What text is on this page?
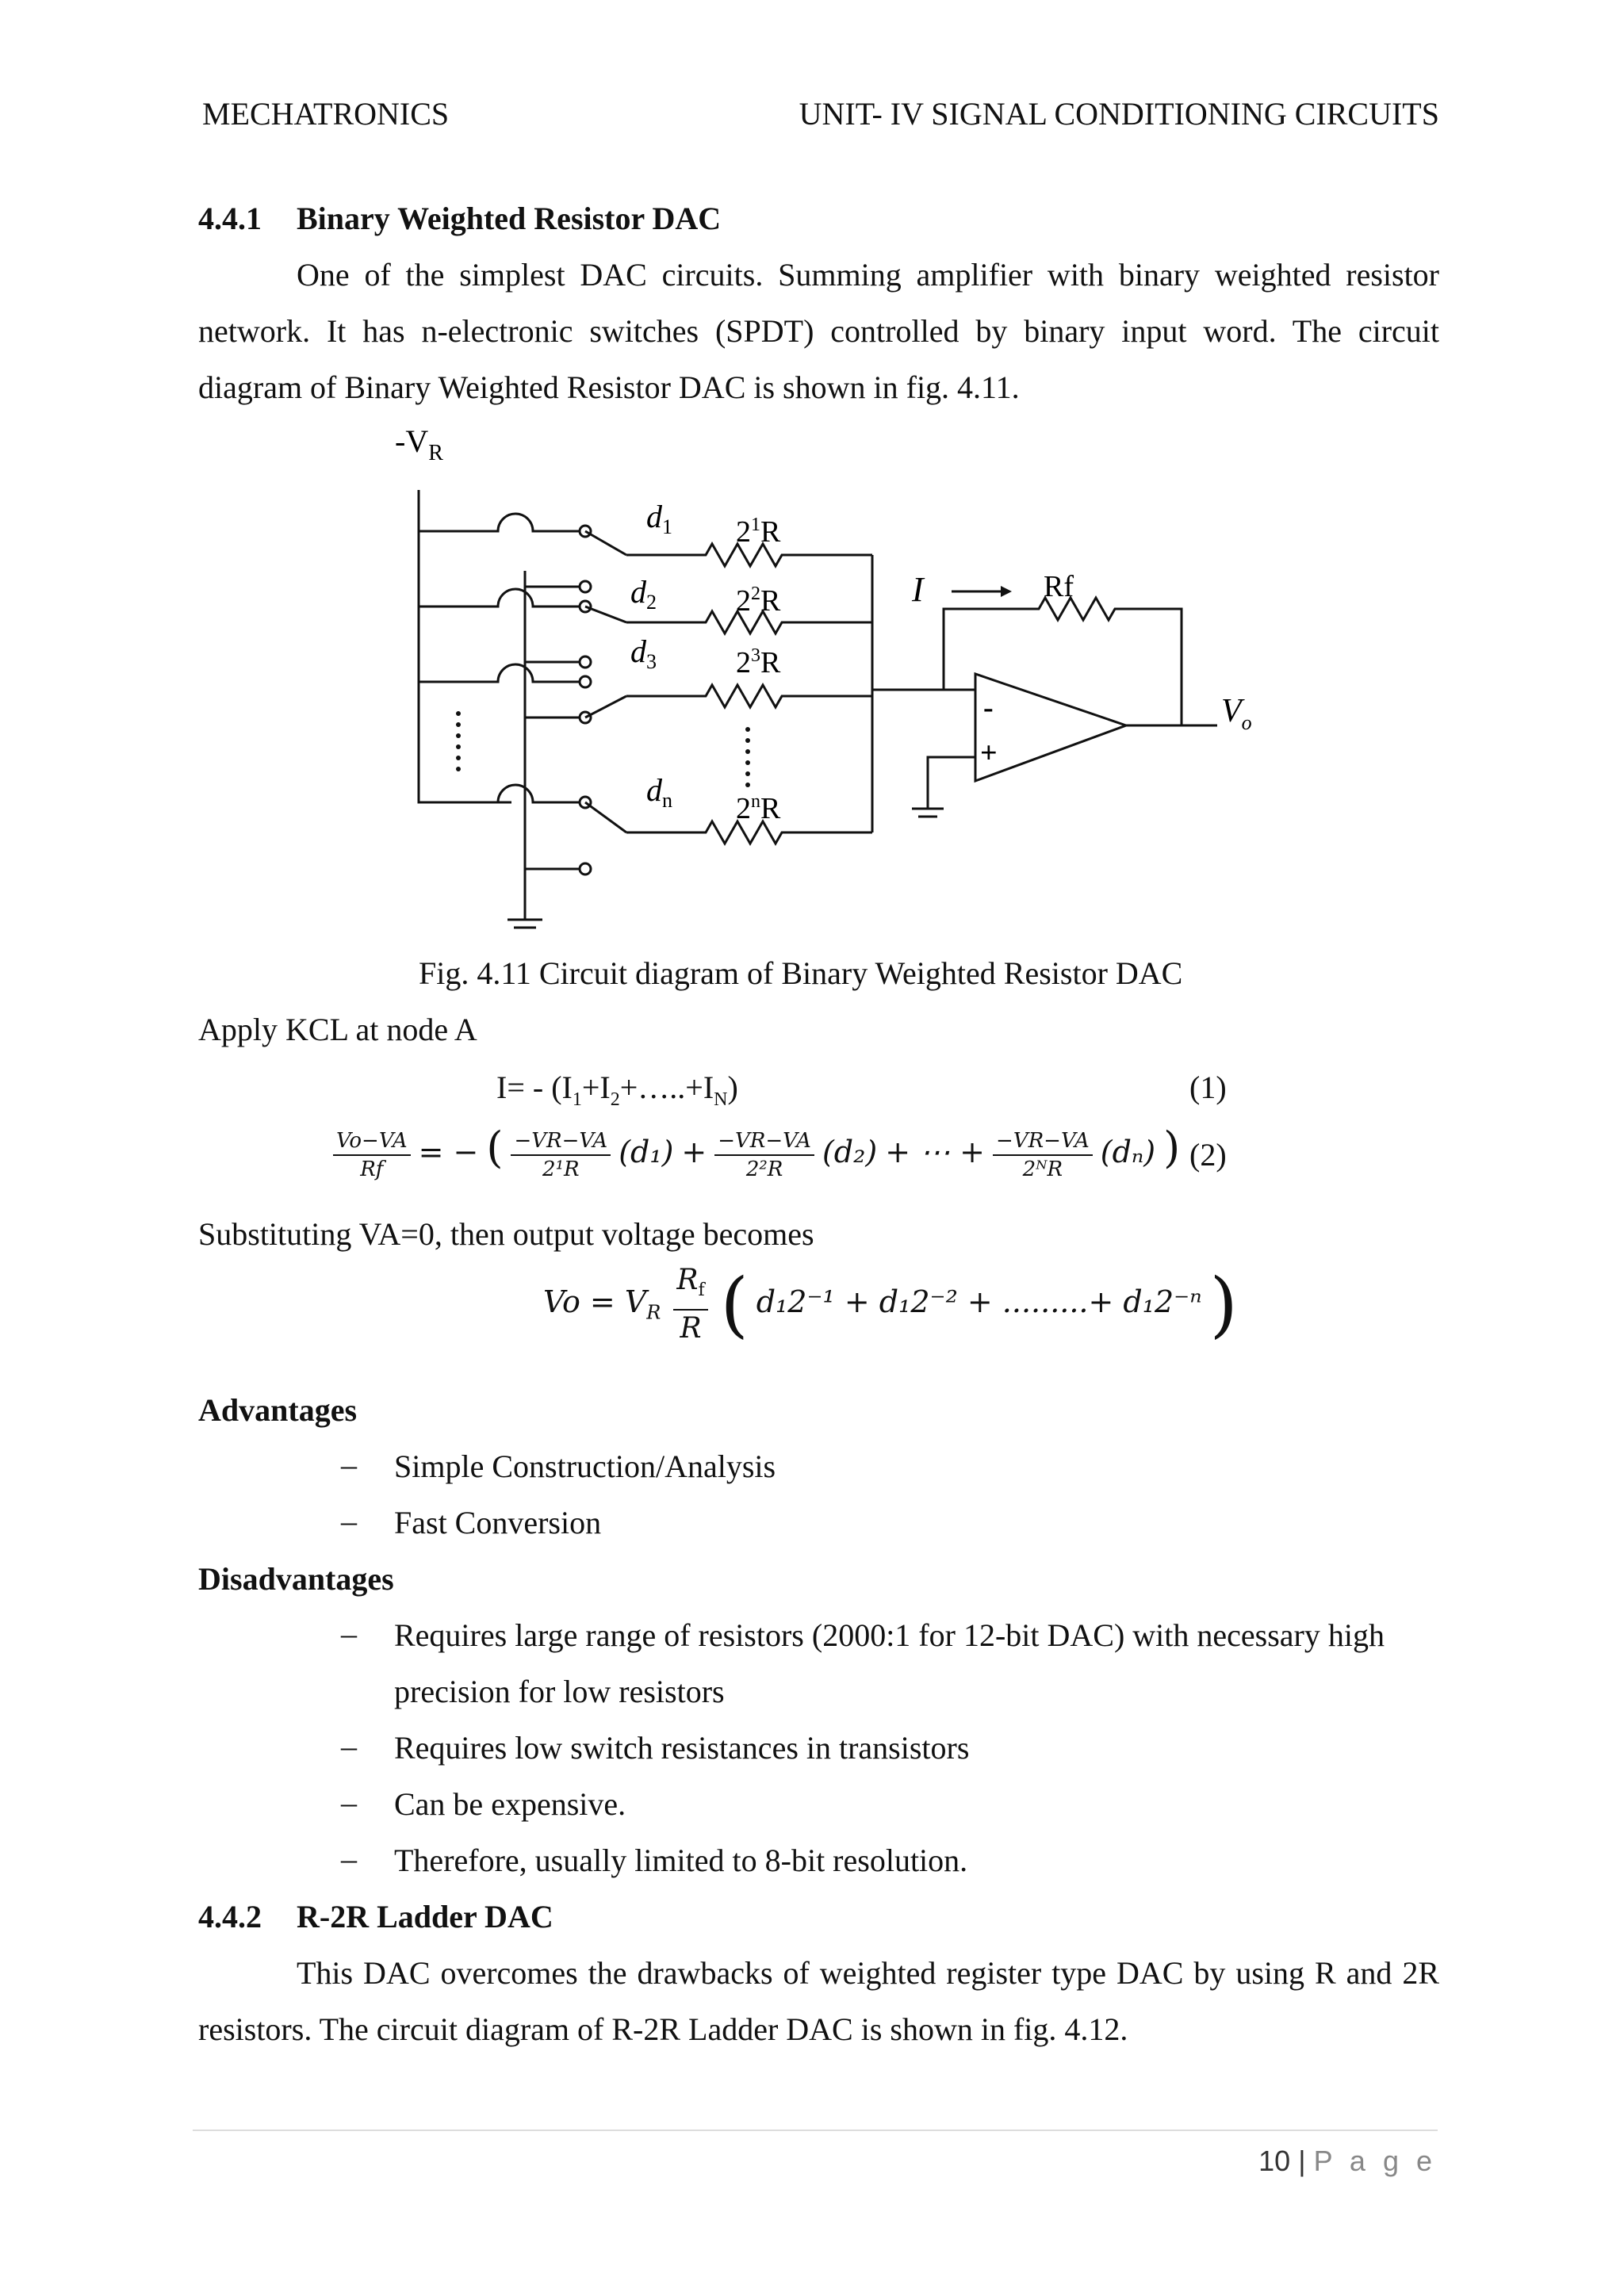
MECHATRONICS	UNIT- IV SIGNAL CONDITIONING CIRCUITS
4.4.1 Binary Weighted Resistor DAC
One of the simplest DAC circuits. Summing amplifier with binary weighted resistor network. It has n-electronic switches (SPDT) controlled by binary input word. The circuit diagram of Binary Weighted Resistor DAC is shown in fig. 4.11.
$-V_R$
$d_1$
$d_2$
$d_3$
$d_n$
$2^1R$
$2^2R$
$2^3R$
2$^n$R
I	Rf
-
+
$V_o$
Fig. 4.11 Circuit diagram of Binary Weighted Resistor DAC
Apply KCL at node A
$I= - (I_1+I_2+\dots..+I_N)$	(1)
$\frac{Vo-VA}{Rf}$ = − ( $\frac{-VR-VA}{\text{2¹R}} (d_1) + \frac{-VR-VA}{\text{2²R}} (d_2)$ + ⋯ + $\frac{-VR-VA}{\text{2ᴺR}} (d_n)$ ) (2)
Substituting VA=0, then output voltage becomes
$Vo = V_R \frac{R_f}{R}$ ( d₁2⁻¹ + d₁2⁻² + .........+ d₁2⁻ⁿ )
Advantages
– Simple Construction/Analysis
– Fast Conversion
Disadvantages
– Requires large range of resistors (2000:1 for 12-bit DAC) with necessary high precision for low resistors
– Requires low switch resistances in transistors
– Can be expensive.
– Therefore, usually limited to 8-bit resolution.
4.4.2 R-2R Ladder DAC
This DAC overcomes the drawbacks of weighted register type DAC by using R and 2R resistors. The circuit diagram of R-2R Ladder DAC is shown in fig. 4.12.
10 | P a g e
